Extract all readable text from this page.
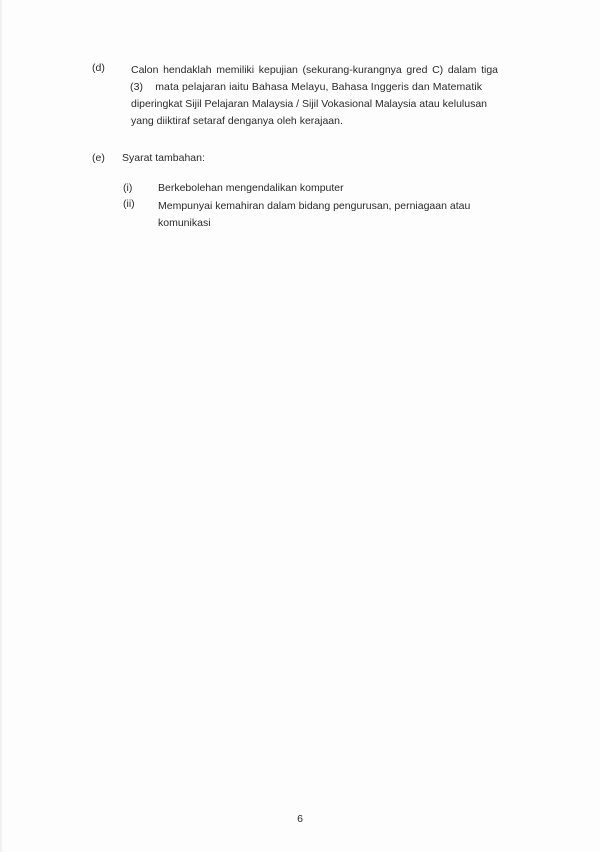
(d) Calon hendaklah memiliki kepujian (sekurang-kurangnya gred C) dalam tiga
(3)    mata pelajaran iaitu Bahasa Melayu, Bahasa Inggeris dan Matematik
diperingkat Sijil Pelajaran Malaysia / Sijil Vokasional Malaysia atau kelulusan
yang diiktiraf setaraf denganya oleh kerajaan.
(e) Syarat tambahan:
(i) Berkebolehan mengendalikan komputer
(ii) Mempunyai kemahiran dalam bidang pengurusan, perniagaan atau
komunikasi
6
